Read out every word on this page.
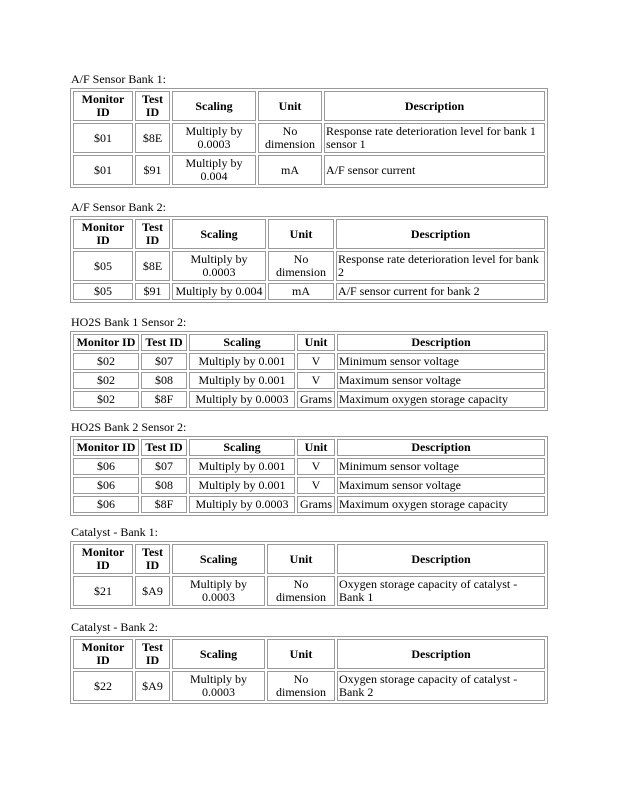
A/F Sensor Bank 1:
Monitor ID	Test ID	Scaling	Unit	Description
$01	$8E	Multiply by 0.0003	No dimension	Response rate deterioration level for bank 1 sensor 1
$01	$91	Multiply by 0.004	mA	A/F sensor current
A/F Sensor Bank 2:
Monitor ID	Test ID	Scaling	Unit	Description
$05	$8E	Multiply by 0.0003	No dimension	Response rate deterioration level for bank 2
$05	$91	Multiply by 0.004	mA	A/F sensor current for bank 2
HO2S Bank 1 Sensor 2:
Monitor ID	Test ID	Scaling	Unit	Description
$02	$07	Multiply by 0.001	V	Minimum sensor voltage
$02	$08	Multiply by 0.001	V	Maximum sensor voltage
$02	$8F	Multiply by 0.0003	Grams	Maximum oxygen storage capacity
HO2S Bank 2 Sensor 2:
Monitor ID	Test ID	Scaling	Unit	Description
$06	$07	Multiply by 0.001	V	Minimum sensor voltage
$06	$08	Multiply by 0.001	V	Maximum sensor voltage
$06	$8F	Multiply by 0.0003	Grams	Maximum oxygen storage capacity
Catalyst - Bank 1:
Monitor ID	Test ID	Scaling	Unit	Description
$21	$A9	Multiply by 0.0003	No dimension	Oxygen storage capacity of catalyst - Bank 1
Catalyst - Bank 2:
Monitor ID	Test ID	Scaling	Unit	Description
$22	$A9	Multiply by 0.0003	No dimension	Oxygen storage capacity of catalyst - Bank 2
